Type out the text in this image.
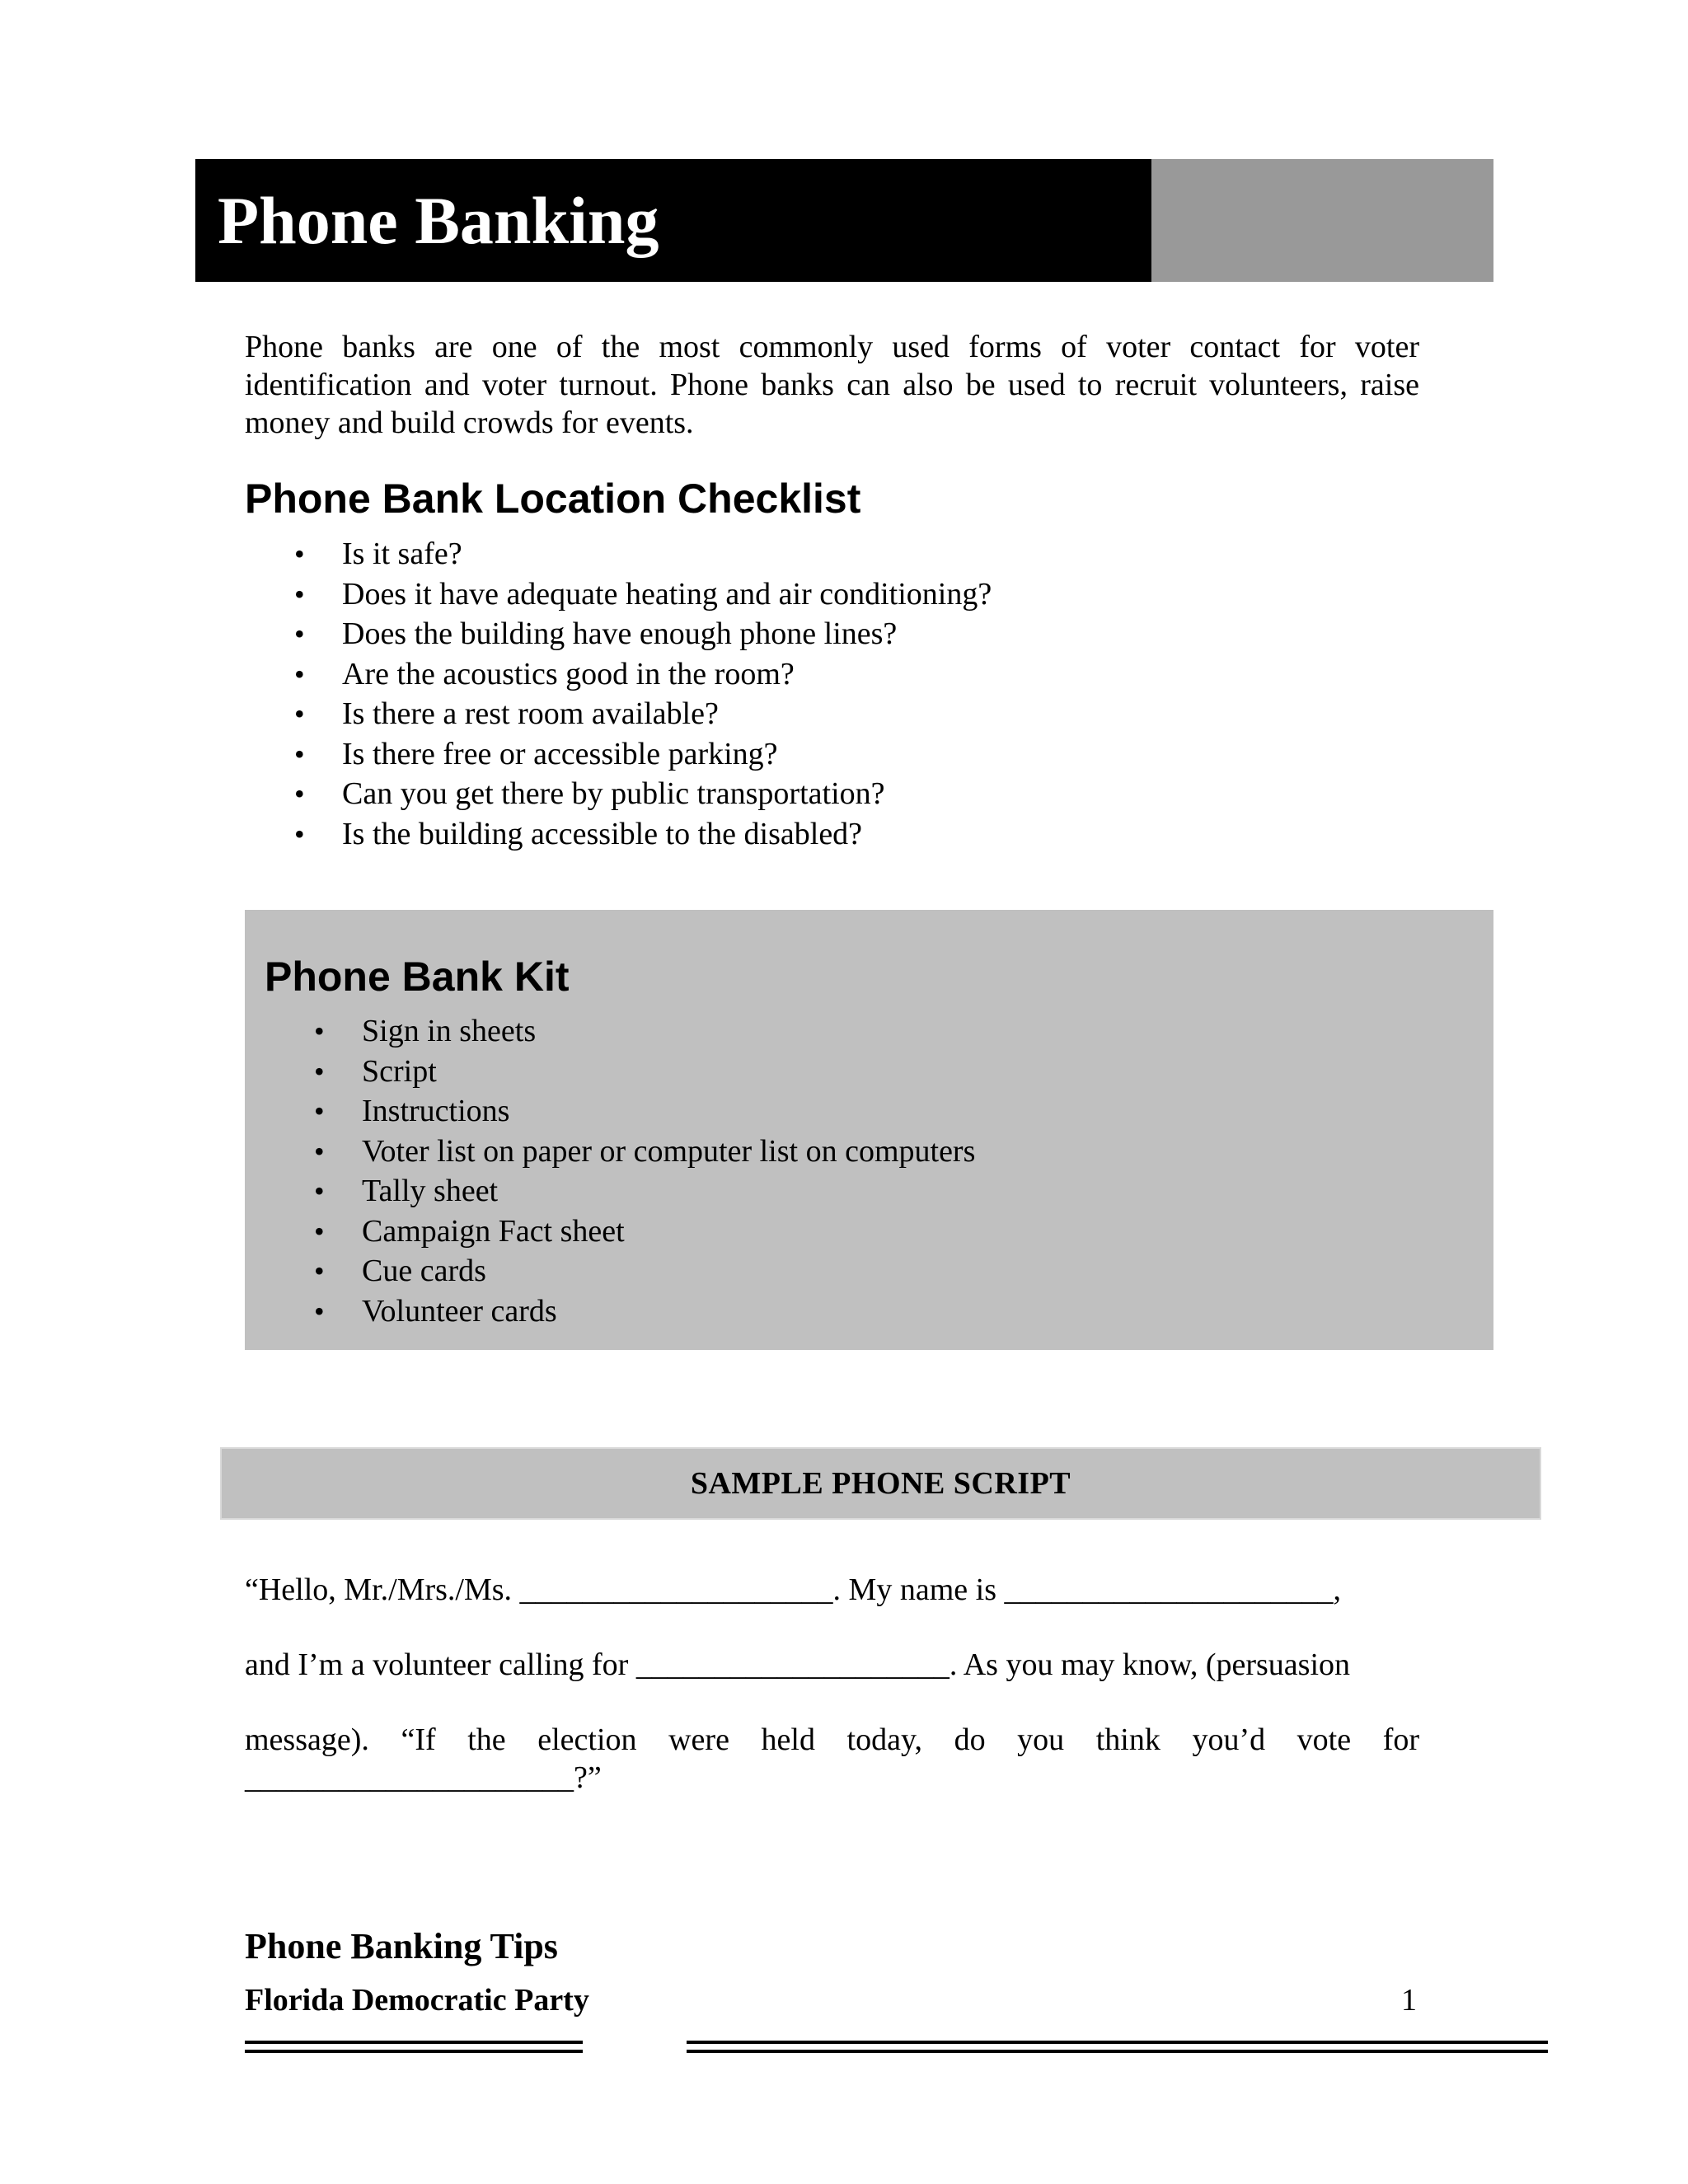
Phone Banking

Phone banks are one of the most commonly used forms of voter contact for voter identification and voter turnout. Phone banks can also be used to recruit volunteers, raise money and build crowds for events.

Phone Bank Location Checklist
• Is it safe?
• Does it have adequate heating and air conditioning?
• Does the building have enough phone lines?
• Are the acoustics good in the room?
• Is there a rest room available?
• Is there free or accessible parking?
• Can you get there by public transportation?
• Is the building accessible to the disabled?
Phone Bank Kit
• Sign in sheets
• Script
• Instructions
• Voter list on paper or computer list on computers
• Tally sheet
• Campaign Fact sheet
• Cue cards
• Volunteer cards
SAMPLE PHONE SCRIPT

“Hello, Mr./Mrs./Ms. ____________________. My name is _____________________,

and I’m a volunteer calling for ____________________. As you may know, (persuasion

message). “If the election were held today, do you think you’d vote for

_____________________?”

Phone Banking Tips

Florida Democratic Party	1
